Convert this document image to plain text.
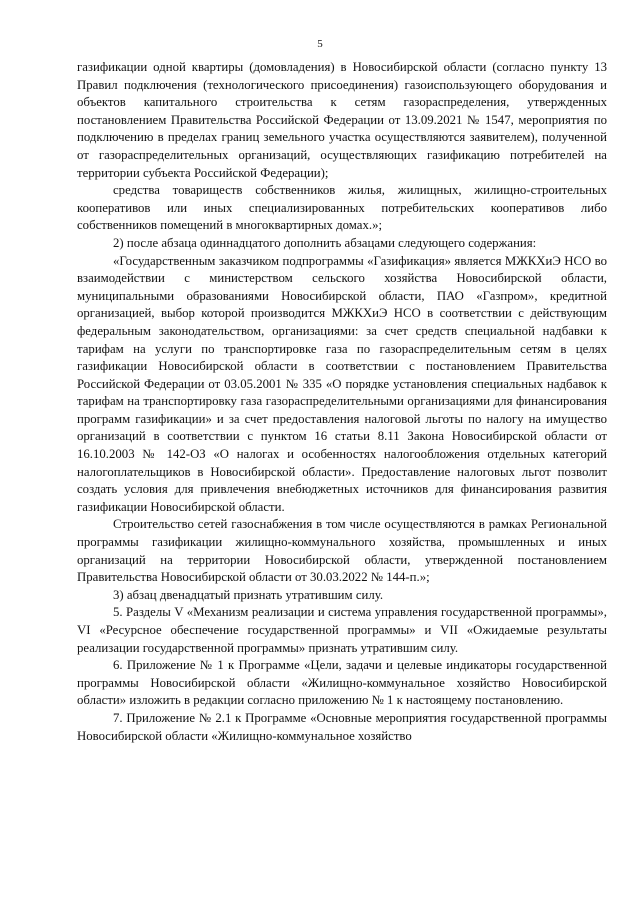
5

газификации одной квартиры (домовладения) в Новосибирской области (согласно пункту 13 Правил подключения (технологического присоединения) газоиспользующего оборудования и объектов капитального строительства к сетям газораспределения, утвержденных постановлением Правительства Российской Федерации от 13.09.2021 № 1547, мероприятия по подключению в пределах границ земельного участка осуществляются заявителем), полученной от газораспределительных организаций, осуществляющих газификацию потребителей на территории субъекта Российской Федерации);

средства товариществ собственников жилья, жилищных, жилищно-строительных кооперативов или иных специализированных потребительских кооперативов либо собственников помещений в многоквартирных домах.»;

2) после абзаца одиннадцатого дополнить абзацами следующего содержания:

«Государственным заказчиком подпрограммы «Газификация» является МЖКХиЭ НСО во взаимодействии с министерством сельского хозяйства Новосибирской области, муниципальными образованиями Новосибирской области, ПАО «Газпром», кредитной организацией, выбор которой производится МЖКХиЭ НСО в соответствии с действующим федеральным законодательством, организациями: за счет средств специальной надбавки к тарифам на услуги по транспортировке газа по газораспределительным сетям в целях газификации Новосибирской области в соответствии с постановлением Правительства Российской Федерации от 03.05.2001 № 335 «О порядке установления специальных надбавок к тарифам на транспортировку газа газораспределительными организациями для финансирования программ газификации» и за счет предоставления налоговой льготы по налогу на имущество организаций в соответствии с пунктом 16 статьи 8.11 Закона Новосибирской области от 16.10.2003 № 142-ОЗ «О налогах и особенностях налогообложения отдельных категорий налогоплательщиков в Новосибирской области». Предоставление налоговых льгот позволит создать условия для привлечения внебюджетных источников для финансирования развития газификации Новосибирской области.

Строительство сетей газоснабжения в том числе осуществляются в рамках Региональной программы газификации жилищно-коммунального хозяйства, промышленных и иных организаций на территории Новосибирской области, утвержденной постановлением Правительства Новосибирской области от 30.03.2022 № 144-п.»;

3) абзац двенадцатый признать утратившим силу.

5. Разделы V «Механизм реализации и система управления государственной программы», VI «Ресурсное обеспечение государственной программы» и VII «Ожидаемые результаты реализации государственной программы» признать утратившим силу.

6. Приложение № 1 к Программе «Цели, задачи и целевые индикаторы государственной программы Новосибирской области «Жилищно-коммунальное хозяйство Новосибирской области» изложить в редакции согласно приложению № 1 к настоящему постановлению.

7. Приложение № 2.1 к Программе «Основные мероприятия государственной программы Новосибирской области «Жилищно-коммунальное хозяйство
